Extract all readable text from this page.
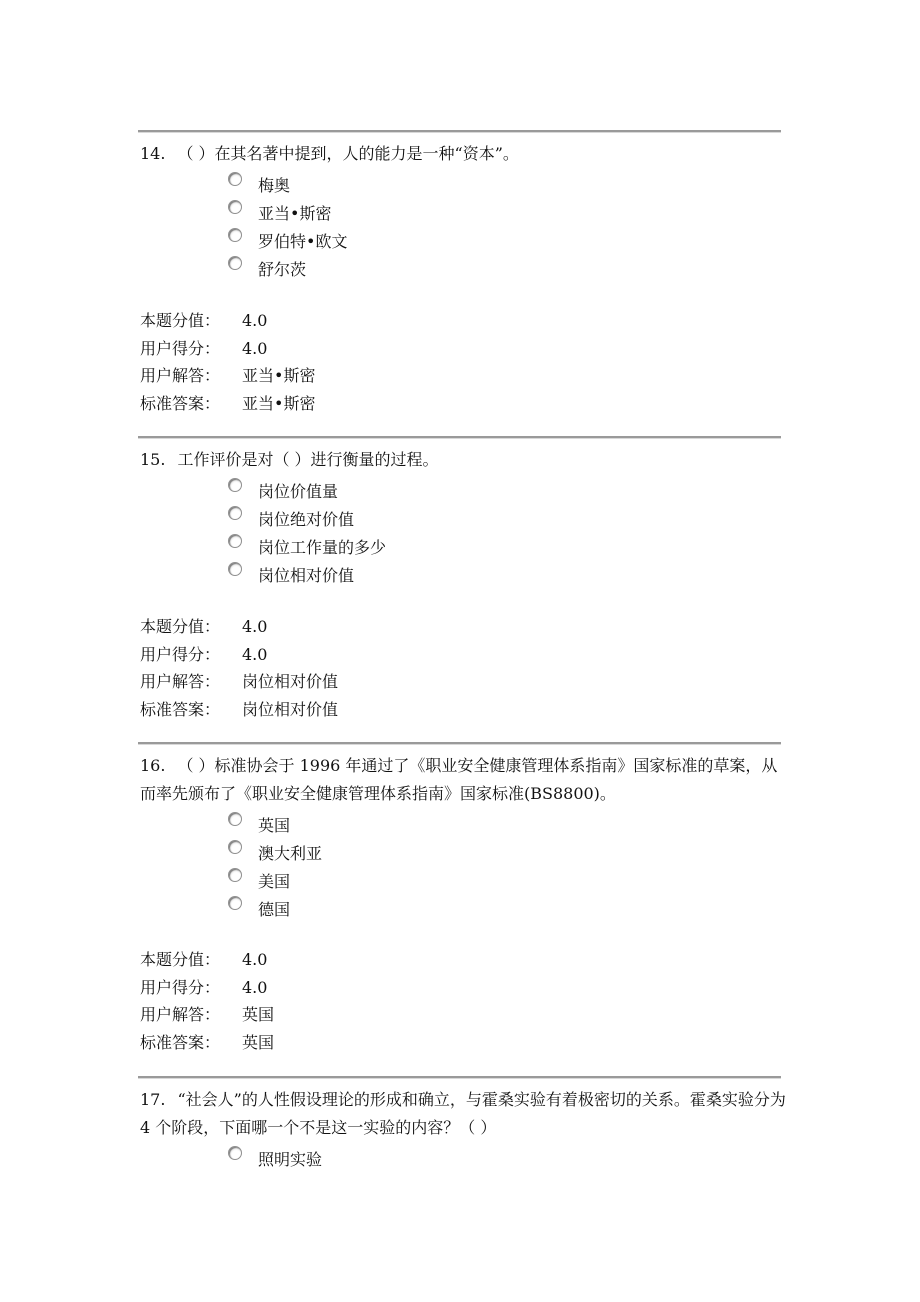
14. （ ）在其名著中提到，人的能力是一种“资本”。
梅奥
亚当•斯密
罗伯特•欧文
舒尔茨
本题分值：	4.0
用户得分：	4.0
用户解答：	亚当•斯密
标准答案：	亚当•斯密
15. 工作评价是对（ ）进行衡量的过程。
岗位价值量
岗位绝对价值
岗位工作量的多少
岗位相对价值
本题分值：	4.0
用户得分：	4.0
用户解答：	岗位相对价值
标准答案：	岗位相对价值
16. （ ）标准协会于 1996 年通过了《职业安全健康管理体系指南》国家标准的草案，从而率先颁布了《职业安全健康管理体系指南》国家标准(BS8800)。
英国
澳大利亚
美国
德国
本题分值：	4.0
用户得分：	4.0
用户解答：	英国
标准答案：	英国
17. “社会人”的人性假设理论的形成和确立，与霍桑实验有着极密切的关系。霍桑实验分为 4 个阶段，下面哪一个不是这一实验的内容？（ ）
照明实验
